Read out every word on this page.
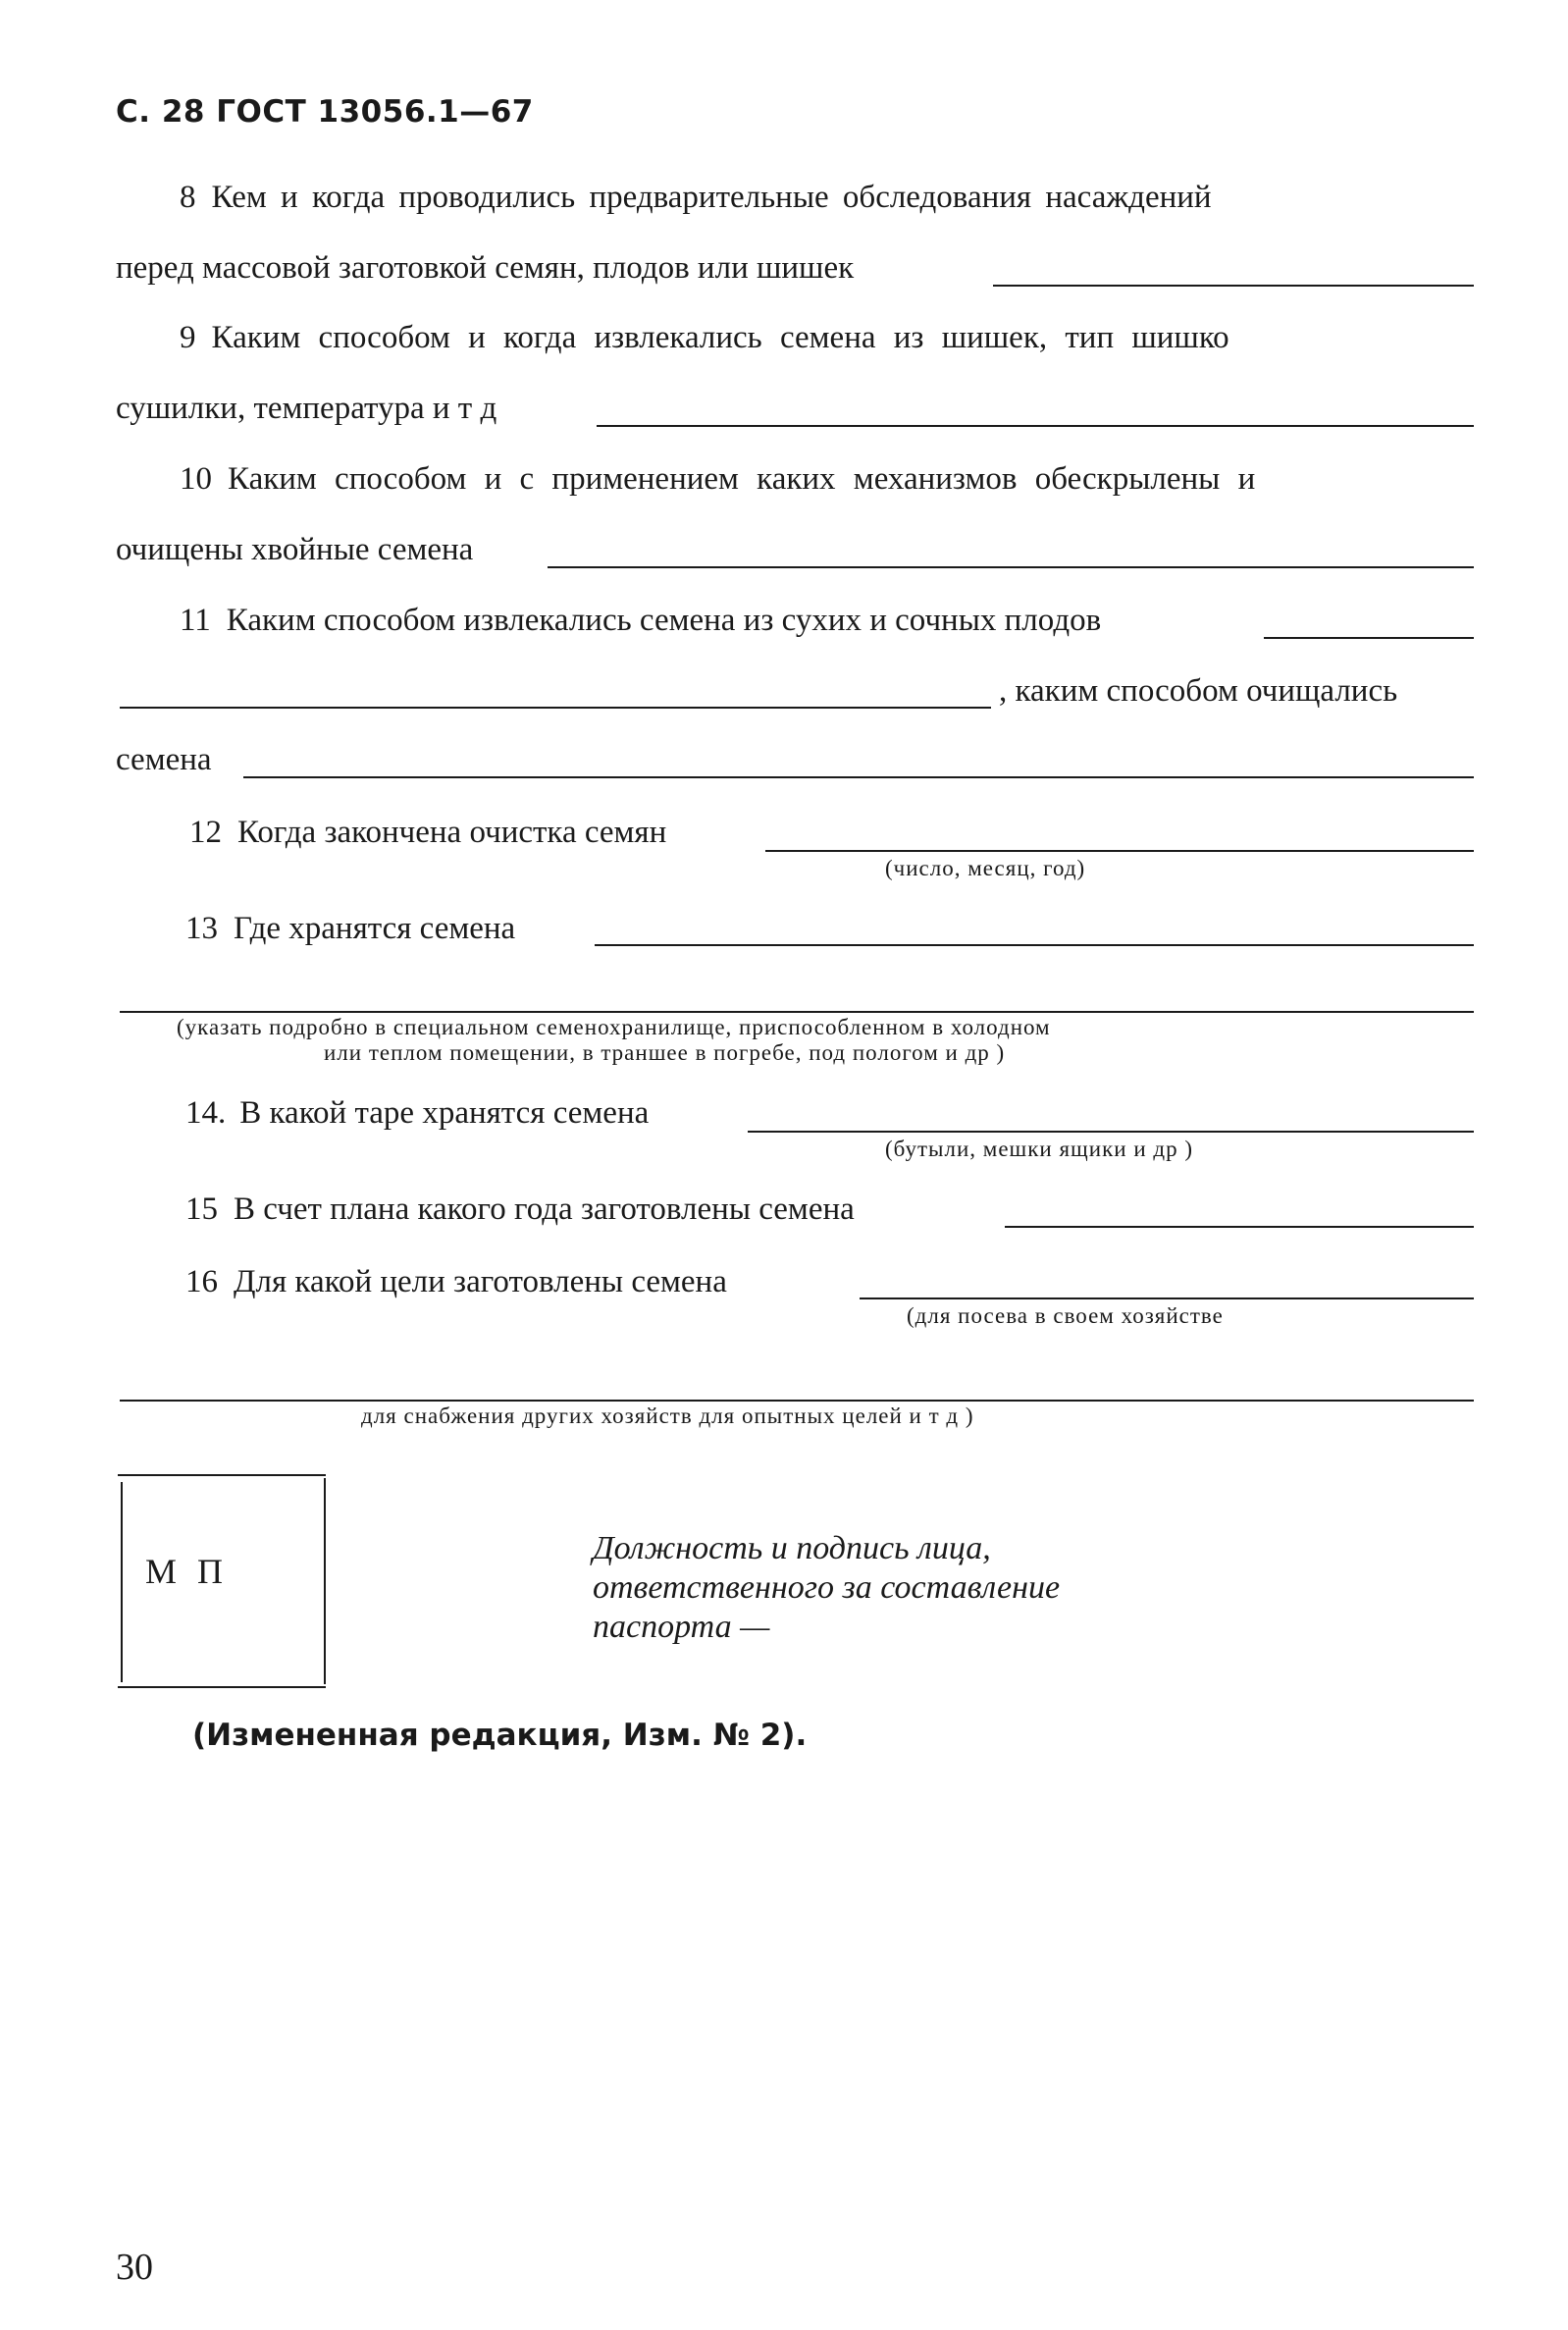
С. 28 ГОСТ 13056.1—67
8 Кем и когда проводились предварительные обследования насаждений
перед массовой заготовкой семян, плодов или шишек
9 Каким способом и когда извлекались семена из шишек, тип шишко
сушилки, температура и т д
10 Каким способом и с применением каких механизмов обескрылены и
очищены хвойные семена
11 Каким способом извлекались семена из сухих и сочных плодов
, каким способом очищались
семена
12 Когда закончена очистка семян
(число, месяц, год)
13 Где хранятся семена
(указать подробно в специальном семенохранилище, приспособленном в холодном
или теплом помещении, в траншее в погребе, под пологом и др )
14. В какой таре хранятся семена
(бутыли, мешки ящики и др )
15 В счет плана какого года заготовлены семена
16 Для какой цели заготовлены семена
(для посева в своем хозяйстве
для снабжения других хозяйств для опытных целей и т д )
М П
Должность и подпись лица,
ответственного за составление
паспорта —
(Измененная редакция, Изм. № 2).
30
